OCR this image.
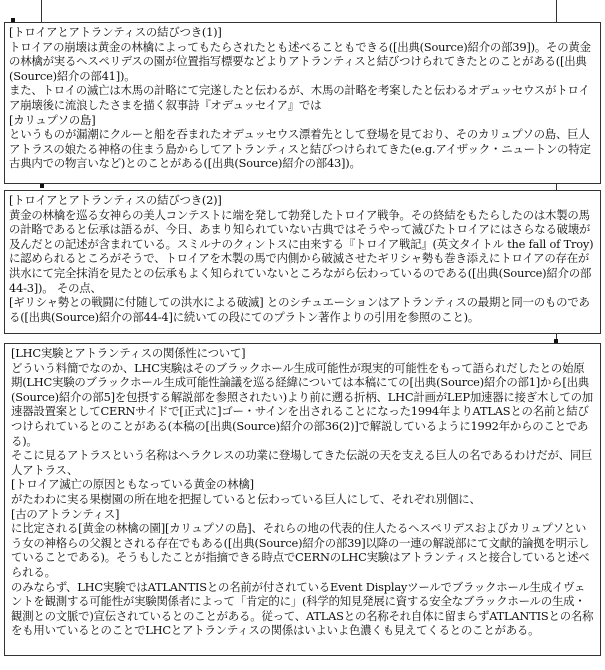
[トロイアとアトランティスの結びつき(1)]

トロイアの崩壊は黄金の林檎によってもたらされたとも述べることもできる([出典(Source)紹介の部39])。その黄金の林檎が実るヘスペリデスの園が位置指写標要などよりアトランティスと結びつけられてきたとのことがある([出典(Source)紹介の部41])。

また、トロイの滅亡は木馬の計略にて完遂したと伝わるが、木馬の計略を考案したと伝わるオデュッセウスがトロイア崩壊後に流浪したさまを描く叙事詩『オデュッセイア』では

[カリュプソの島]

というものが漏潮にクルーと船を吞まれたオデュッセウス漂着先として登場を見ており、そのカリュプソの島、巨人アトラスの娘たる神格の住まう島からしてアトランティスと結びつけられてきた(e.g.アイザック・ニュートンの特定古典内での物言いなど)とのことがある([出典(Source)紹介の部43])。

[トロイアとアトランティスの結びつき(2)]

黄金の林檎を巡る女神らの美人コンテストに端を発して勃発したトロイア戦争。その終結をもたらしたのは木製の馬の計略であると伝承は語るが、今日、あまり知られていない古典ではそうやって滅びたトロイアにはさらなる破壊が及んだとの記述が含まれている。スミルナのクィントスに由来する『トロイア戦記』(英文タイトル the fall of Troy)に認められるところがそうで、トロイアを木製の馬で内側から破滅させたギリシャ勢も巻き添えにトロイアの存在が洪水にて完全抹消を見たとの伝承もよく知られていないところながら伝わっているのである([出典(Source)紹介の部44-3])。 その点、

[ギリシャ勢との戦闘に付随しての洪水による破滅] とのシチュエーションはアトランティスの最期と同一のものである([出典(Source)紹介の部44-4]に続いての段にてのプラトン著作よりの引用を参照のこと)。

[LHC実験とアトランティスの関係性について]

どういう料簡でなのか、LHC実験はそのブラックホール生成可能性が現実的可能性をもって語られだしたとの始原期(LHC実験のブラックホール生成可能性論議を巡る経緯については本稿にての[出典(Source)紹介の部1]から[出典(Source)紹介の部5]を包摂する解説部を参照されたい)より前に遡る折柄、LHC計画がLEP加速器に接ぎ木しての加速器設置案としてCERNサイドで[正式に]ゴー・サインを出されることになった1994年よりATLASとの名前と結びつけられているとのことがある(本稿の[出典(Source)紹介の部36(2)]で解説しているように1992年からのことである)。

そこに見るアトラスという名称はヘラクレスの功業に登場してきた伝説の天を支える巨人の名であるわけだが、同巨人アトラス、

[トロイア滅亡の原因ともなっている黄金の林檎]

がたわわに実る果樹園の所在地を把握していると伝わっている巨人にして、それぞれ別個に、

[古のアトランティス]

に比定される[黄金の林檎の園][カリュプソの島]、それらの地の代表的住人たるヘスペリデスおよびカリュプソという女の神格らの父親とされる存在でもある([出典(Source)紹介の部39]以降の一連の解説部にて文献的論拠を明示していることである)。そうもしたことが指摘できる時点でCERNのLHC実験はアトランティスと接合していると述べられる。

のみならず、LHC実験ではATLANTISとの名前が付されているEvent Displayツールでブラックホール生成イヴェントを観測する可能性が実験関係者によって「肯定的に」(科学的知見発展に資する安全なブラックホールの生成・観測との文脈で)宣伝されているとのことがある。従って、ATLASとの名称それ自体に留まらずATLANTISとの名称をも用いているとのことでLHCとアトランティスの関係はいよいよ色濃くも見えてくるとのことがある。
